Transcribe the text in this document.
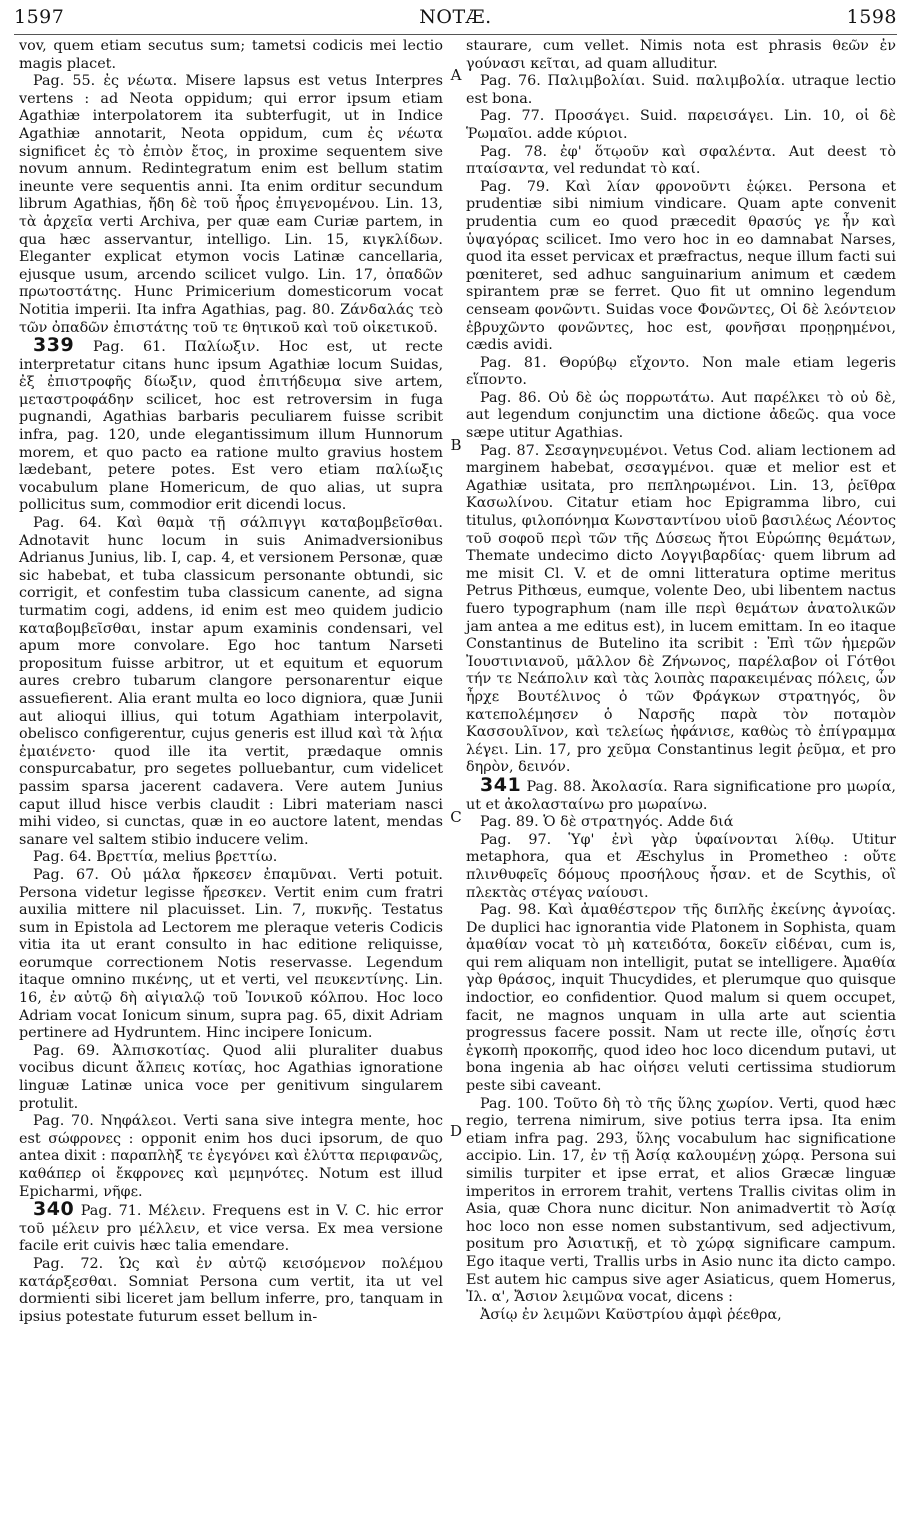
1597	NOTÆ.	1598

vov, quem etiam secutus sum; tametsi codicis mei lectio magis placet.

Pag. 55. ἐς νέωτα. Misere lapsus est vetus Interpres vertens : ad Neota oppidum; qui error ipsum etiam Agathiæ interpolatorem ita subterfugit, ut in Indice Agathiæ annotarit, Neota oppidum, cum ἐς νέωτα significet ἐς τὸ ἐπιὸν ἔτος, in proxime sequentem sive novum annum. Redintegratum enim est bellum statim ineunte vere sequentis anni. Ita enim orditur secundum librum Agathias, ἤδη δὲ τοῦ ἦρος ἐπιγενομένου. Lin. 13, τὰ ἀρχεῖα verti Archiva, per quæ eam Curiæ partem, in qua hæc asservantur, intelligo. Lin. 15, κιγκλίδων. Eleganter explicat etymon vocis Latinæ cancellaria, ejusque usum, arcendo scilicet vulgo. Lin. 17, ὀπαδῶν πρωτοστάτης. Hunc Primicerium domesticorum vocat Notitia imperii. Ita infra Agathias, pag. 80. Ζάνδαλάς τεὸ τῶν ὀπαδῶν ἐπιστάτης τοῦ τε θητικοῦ καὶ τοῦ οἰκετικοῦ.

339 Pag. 61. Παλίωξιν. Hoc est, ut recte interpretatur citans hunc ipsum Agathiæ locum Suidas, ἐξ ἐπιστροφῆς δίωξιν, quod ἐπιτήδευμα sive artem, μεταστροφάδην scilicet, hoc est retroversim in fuga pugnandi, Agathias barbaris peculiarem fuisse scribit infra, pag. 120, unde elegantissimum illum Hunnorum morem, et quo pacto ea ratione multo gravius hostem lædebant, petere potes. Est vero etiam παλίωξις vocabulum plane Homericum, de quo alias, ut supra pollicitus sum, commodior erit dicendi locus.

Pag. 64. Καὶ θαμὰ τῇ σάλπιγγι καταβομβεῖσθαι. Adnotavit hunc locum in suis Animadversionibus Adrianus Junius, lib. I, cap. 4, et versionem Personæ, quæ sic habebat, et tuba classicum personante obtundi, sic corrigit, et confestim tuba classicum canente, ad signa turmatim cogi, addens, id enim est meo quidem judicio καταβομβεῖσθαι, instar apum examinis condensari, vel apum more convolare. Ego hoc tantum Narseti propositum fuisse arbitror, ut et equitum et equorum aures crebro tubarum clangore personarentur eique assuefierent. Alia erant multa eo loco digniora, quæ Junii aut alioqui illius, qui totum Agathiam interpolavit, obelisco configerentur, cujus generis est illud καὶ τὰ λῄια ἐμαιένετο· quod ille ita vertit, prædaque omnis conspurcabatur, pro segetes polluebantur, cum videlicet passim sparsa jacerent cadavera. Vere autem Junius caput illud hisce verbis claudit : Libri materiam nasci mihi video, si cunctas, quæ in eo auctore latent, mendas sanare vel saltem stibio inducere velim.

Pag. 64. Βρεττία, melius βρεττίω.

Pag. 67. Οὐ μάλα ἤρκεσεν ἐπαμῦναι. Verti potuit. Persona videtur legisse ἤρεσκεν. Vertit enim cum fratri auxilia mittere nil placuisset. Lin. 7, πυκνῆς. Testatus sum in Epistola ad Lectorem me pleraque veteris Codicis vitia ita ut erant consulto in hac editione reliquisse, eorumque correctionem Notis reservasse. Legendum itaque omnino πικένης, ut et verti, vel πευκεντίνης. Lin. 16, ἐν αὐτῷ δὴ αἰγιαλῷ τοῦ Ἰονικοῦ κόλπου. Hoc loco Adriam vocat Ionicum sinum, supra pag. 65, dixit Adriam pertinere ad Hydruntem. Hinc incipere Ionicum.

Pag. 69. Ἀλπισκοτίας. Quod alii pluraliter duabus vocibus dicunt ἄλπεις κοτίας, hoc Agathias ignoratione linguæ Latinæ unica voce per genitivum singularem protulit.

Pag. 70. Νηφάλεοι. Verti sana sive integra mente, hoc est σώφρονες : opponit enim hos duci ipsorum, de quo antea dixit : παραπλὴξ τε ἐγεγόνει καὶ ἐλύττα περιφανῶς, καθάπερ οἱ ἔκφρονες καὶ μεμηνότες. Notum est illud Epicharmi, νῆφε.

340 Pag. 71. Μέλειν. Frequens est in V. C. hic error τοῦ μέλειν pro μέλλειν, et vice versa. Ex mea versione facile erit cuivis hæc talia emendare.

Pag. 72. Ὡς καὶ ἐν αὐτῷ κεισόμενον πολέμου κατάρξεσθαι. Somniat Persona cum vertit, ita ut vel dormienti sibi liceret jam bellum inferre, pro, tanquam in ipsius potestate futurum esset bellum in-

staurare, cum vellet. Nimis nota est phrasis θεῶν ἐν γούνασι κεῖται, ad quam alluditur.

Pag. 76. Παλιμβολίαι. Suid. παλιμβολία. utraque lectio est bona.

Pag. 77. Προσάγει. Suid. παρεισάγει. Lin. 10, οἱ δὲ Ῥωμαῖοι. adde κύριοι.

Pag. 78. ἐφ' ὅτῳοῦν καὶ σφαλέντα. Aut deest τὸ πταίσαντα, vel redundat τὸ καί.

Pag. 79. Καὶ λίαν φρονοῦντι ἐῴκει. Persona et prudentiæ sibi nimium vindicare. Quam apte convenit prudentia cum eo quod præcedit θρασύς γε ἦν καὶ ὑψαγόρας scilicet. Imo vero hoc in eo damnabat Narses, quod ita esset pervicax et præfractus, neque illum facti sui pœniteret, sed adhuc sanguinarium animum et cædem spirantem præ se ferret. Quo fit ut omnino legendum censeam φονῶντι. Suidas voce Φονῶντες, Οἱ δὲ λεόντειον ἐβρυχῶντο φονῶντες, hoc est, φονῆσαι προῃρημένοι, cædis avidi.

Pag. 81. Θορύβῳ εἴχοντο. Non male etiam legeris εἵποντο.

Pag. 86. Οὐ δὲ ὡς πορρωτάτω. Aut παρέλκει τὸ οὐ δὲ, aut legendum conjunctim una dictione ἀδεῶς. qua voce sæpe utitur Agathias.

Pag. 87. Σεσαγηνευμένοι. Vetus Cod. aliam lectionem ad marginem habebat, σεσαγμένοι. quæ et melior est et Agathiæ usitata, pro πεπληρωμένοι. Lin. 13, ῥεῖθρα Κασωλίνου. Citatur etiam hoc Epigramma libro, cui titulus, φιλοπόνημα Κωνσταντίνου υἱοῦ βασιλέως Λέοντος τοῦ σοφοῦ περὶ τῶν τῆς Δύσεως ἤτοι Εὐρώπης θεμάτων, Themate undecimo dicto Λογγιβαρδίας· quem librum ad me misit Cl. V. et de omni litteratura optime meritus Petrus Pithœus, eumque, volente Deo, ubi libentem nactus fuero typographum (nam ille περὶ θεμάτων ἀνατολικῶν jam antea a me editus est), in lucem emittam. In eo itaque Constantinus de Butelino ita scribit : Ἐπὶ τῶν ἡμερῶν Ἰουστινιανοῦ, μᾶλλον δὲ Ζήνωνος, παρέλαβον οἱ Γότθοι τήν τε Νεάπολιν καὶ τὰς λοιπὰς παρακειμένας πόλεις, ὧν ἦρχε Βουτέλινος ὁ τῶν Φράγκων στρατηγός, ὃν κατεπολέμησεν ὁ Ναρσῆς παρὰ τὸν ποταμὸν Κασσουλῖνον, καὶ τελείως ἠφάνισε, καθὼς τὸ ἐπίγραμμα λέγει. Lin. 17, pro χεῦμα Constantinus legit ῥεῦμα, et pro δηρὸν, δεινόν.

341 Pag. 88. Ἀκολασία. Rara significatione pro μωρία, ut et ἀκολασταίνω pro μωραίνω.

Pag. 89. Ὁ δὲ στρατηγός. Adde διά

Pag. 97. Ὑφ' ἐνὶ γὰρ ὑφαίνονται λίθῳ. Utitur metaphora, qua et Æschylus in Prometheo : οὔτε πλινθυφεῖς δόμους προσήλους ἦσαν. et de Scythis, οἳ πλεκτὰς στέγας ναίουσι.

Pag. 98. Καὶ ἀμαθέστερον τῆς διπλῆς ἐκείνης ἀγνοίας. De duplici hac ignorantia vide Platonem in Sophista, quam ἀμαθίαν vocat τὸ μὴ κατειδότα, δοκεῖν εἰδέναι, cum is, qui rem aliquam non intelligit, putat se intelligere. Ἀμαθία γὰρ θράσος, inquit Thucydides, et plerumque quo quisque indoctior, eo confidentior. Quod malum si quem occupet, facit, ne magnos unquam in ulla arte aut scientia progressus facere possit. Nam ut recte ille, οἴησίς ἐστι ἐγκοπὴ προκοπῆς, quod ideo hoc loco dicendum putavi, ut bona ingenia ab hac οἰήσει veluti certissima studiorum peste sibi caveant.

Pag. 100. Τοῦτο δὴ τὸ τῆς ὕλης χωρίον. Verti, quod hæc regio, terrena nimirum, sive potius terra ipsa. Ita enim etiam infra pag. 293, ὕλης vocabulum hac significatione accipio. Lin. 17, ἐν τῇ Ἀσίᾳ καλουμένῃ χώρᾳ. Persona sui similis turpiter et ipse errat, et alios Græcæ linguæ imperitos in errorem trahit, vertens Trallis civitas olim in Asia, quæ Chora nunc dicitur. Non animadvertit τὸ Ἀσίᾳ hoc loco non esse nomen substantivum, sed adjectivum, positum pro Ἀσιατικῇ, et τὸ χώρᾳ significare campum. Ego itaque verti, Trallis urbs in Asio nunc ita dicto campo. Est autem hic campus sive ager Asiaticus, quem Homerus, Ἰλ. α', Ἄσιον λειμῶνα vocat, dicens :

Ἀσίῳ ἐν λειμῶνι Καϋστρίου ἀμφὶ ῥέεθρα,

A
B
C
D
